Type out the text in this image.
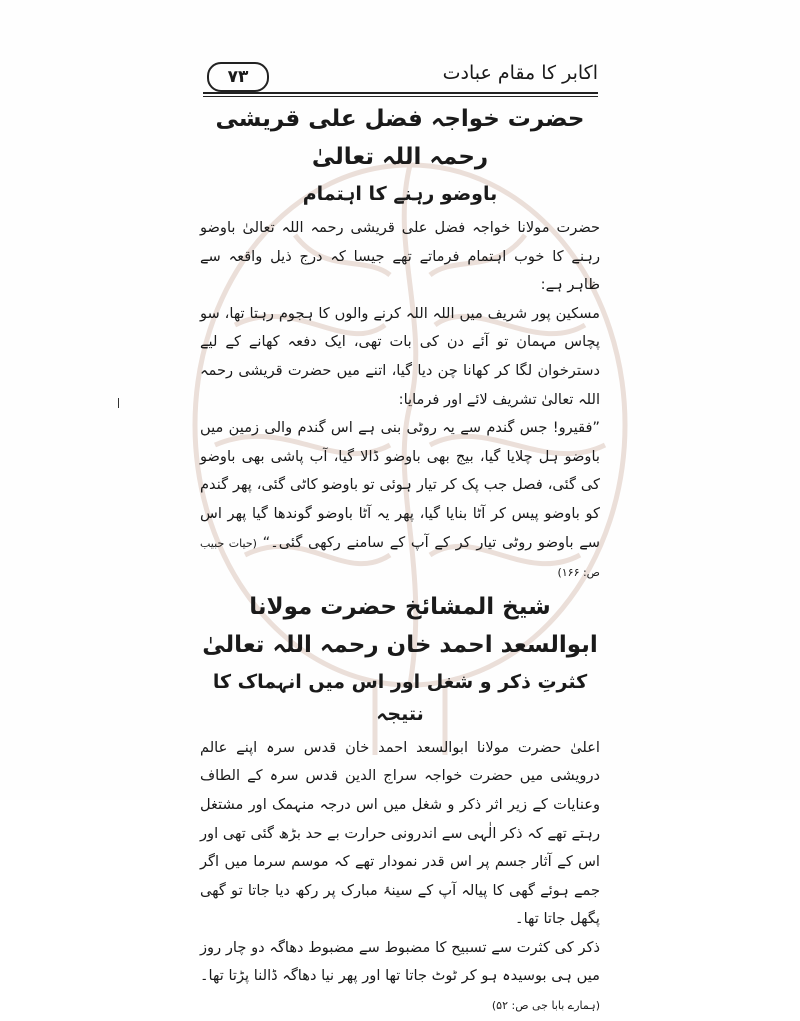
اکابر کا مقام عبادت
۷۳
حضرت خواجہ فضل علی قریشی رحمہ اللہ تعالیٰ
باوضو رہنے کا اہتمام

حضرت مولانا خواجہ فضل علی قریشی رحمہ اللہ تعالیٰ باوضو رہنے کا خوب اہتمام فرماتے تھے جیسا کہ درج ذیل واقعہ سے ظاہر ہے:

مسکین پور شریف میں اللہ اللہ کرنے والوں کا ہجوم رہتا تھا، سو پچاس مہمان تو آئے دن کی بات تھی، ایک دفعہ کھانے کے لیے دسترخوان لگا کر کھانا چن دیا گیا، اتنے میں حضرت قریشی رحمہ اللہ تعالیٰ تشریف لائے اور فرمایا:

”فقیرو! جس گندم سے یہ روٹی بنی ہے اس گندم والی زمین میں باوضو ہل چلایا گیا، بیج بھی باوضو ڈالا گیا، آب پاشی بھی باوضو کی گئی، فصل جب پک کر تیار ہوئی تو باوضو کاٹی گئی، پھر گندم کو باوضو پیس کر آٹا بنایا گیا، پھر یہ آٹا باوضو گوندھا گیا پھر اس سے باوضو روٹی تیار کر کے آپ کے سامنے رکھی گئی۔“ (حیات حبیب ص: ۱۶۶)

شیخ المشائخ حضرت مولانا ابوالسعد احمد خان رحمہ اللہ تعالیٰ
کثرتِ ذکر و شغل اور اس میں انہماک کا نتیجہ

اعلیٰ حضرت مولانا ابوالسعد احمد خان قدس سرہ اپنے عالم درویشی میں حضرت خواجہ سراج الدین قدس سرہ کے الطاف وعنایات کے زیر اثر ذکر و شغل میں اس درجہ منہمک اور مشتغل رہتے تھے کہ ذکر الٰہی سے اندرونی حرارت بے حد بڑھ گئی تھی اور اس کے آثار جسم پر اس قدر نمودار تھے کہ موسم سرما میں اگر جمے ہوئے گھی کا پیالہ آپ کے سینۂ مبارک پر رکھ دیا جاتا تو گھی پگھل جاتا تھا۔

ذکر کی کثرت سے تسبیح کا مضبوط سے مضبوط دھاگہ دو چار روز میں ہی بوسیدہ ہو کر ٹوٹ جاتا تھا اور پھر نیا دھاگہ ڈالنا پڑتا تھا۔ (ہمارے بابا جی ص: ۵۲)
